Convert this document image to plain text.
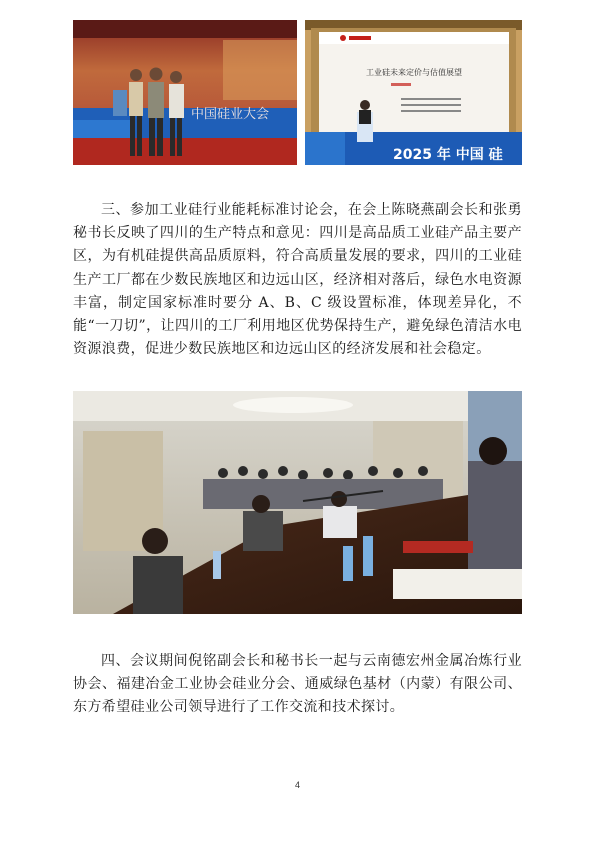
中国硅业大会
工业硅未来定价与估值展望
2025 年 中国 硅

三、参加工业硅行业能耗标准讨论会，在会上陈晓燕副会长和张勇秘书长反映了四川的生产特点和意见：四川是高品质工业硅产品主要产区，为有机硅提供高品质原料，符合高质量发展的要求，四川的工业硅生产工厂都在少数民族地区和边远山区，经济相对落后，绿色水电资源丰富，制定国家标准时要分 A、B、C 级设置标准，体现差异化，不能“一刀切”，让四川的工厂利用地区优势保持生产，避免绿色清洁水电资源浪费，促进少数民族地区和边远山区的经济发展和社会稳定。

四、会议期间倪铭副会长和秘书长一起与云南德宏州金属冶炼行业协会、福建冶金工业协会硅业分会、通威绿色基材（内蒙）有限公司、东方希望硅业公司领导进行了工作交流和技术探讨。

4
